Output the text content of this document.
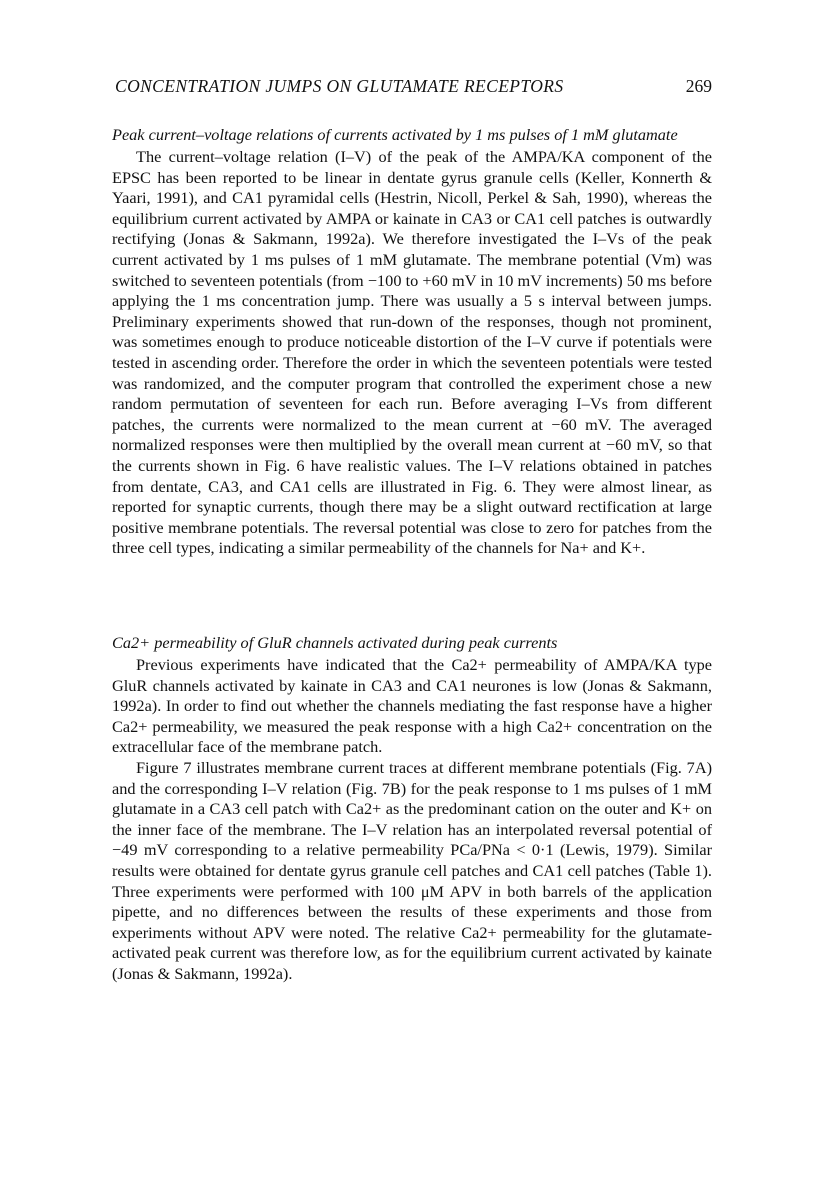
CONCENTRATION JUMPS ON GLUTAMATE RECEPTORS	269
Peak current–voltage relations of currents activated by 1 ms pulses of 1 mM glutamate

The current–voltage relation (I–V) of the peak of the AMPA/KA component of the EPSC has been reported to be linear in dentate gyrus granule cells (Keller, Konnerth & Yaari, 1991), and CA1 pyramidal cells (Hestrin, Nicoll, Perkel & Sah, 1990), whereas the equilibrium current activated by AMPA or kainate in CA3 or CA1 cell patches is outwardly rectifying (Jonas & Sakmann, 1992a). We therefore investigated the I–Vs of the peak current activated by 1 ms pulses of 1 mM glutamate. The membrane potential (Vm) was switched to seventeen potentials (from −100 to +60 mV in 10 mV increments) 50 ms before applying the 1 ms concentration jump. There was usually a 5 s interval between jumps. Preliminary experiments showed that run-down of the responses, though not prominent, was sometimes enough to produce noticeable distortion of the I–V curve if potentials were tested in ascending order. Therefore the order in which the seventeen potentials were tested was randomized, and the computer program that controlled the experiment chose a new random permutation of seventeen for each run. Before averaging I–Vs from different patches, the currents were normalized to the mean current at −60 mV. The averaged normalized responses were then multiplied by the overall mean current at −60 mV, so that the currents shown in Fig. 6 have realistic values. The I–V relations obtained in patches from dentate, CA3, and CA1 cells are illustrated in Fig. 6. They were almost linear, as reported for synaptic currents, though there may be a slight outward rectification at large positive membrane potentials. The reversal potential was close to zero for patches from the three cell types, indicating a similar permeability of the channels for Na+ and K+.

Ca2+ permeability of GluR channels activated during peak currents

Previous experiments have indicated that the Ca2+ permeability of AMPA/KA type GluR channels activated by kainate in CA3 and CA1 neurones is low (Jonas & Sakmann, 1992a). In order to find out whether the channels mediating the fast response have a higher Ca2+ permeability, we measured the peak response with a high Ca2+ concentration on the extracellular face of the membrane patch.

Figure 7 illustrates membrane current traces at different membrane potentials (Fig. 7A) and the corresponding I–V relation (Fig. 7B) for the peak response to 1 ms pulses of 1 mM glutamate in a CA3 cell patch with Ca2+ as the predominant cation on the outer and K+ on the inner face of the membrane. The I–V relation has an interpolated reversal potential of −49 mV corresponding to a relative permeability PCa/PNa < 0·1 (Lewis, 1979). Similar results were obtained for dentate gyrus granule cell patches and CA1 cell patches (Table 1). Three experiments were performed with 100 μM APV in both barrels of the application pipette, and no differences between the results of these experiments and those from experiments without APV were noted. The relative Ca2+ permeability for the glutamate-activated peak current was therefore low, as for the equilibrium current activated by kainate (Jonas & Sakmann, 1992a).
